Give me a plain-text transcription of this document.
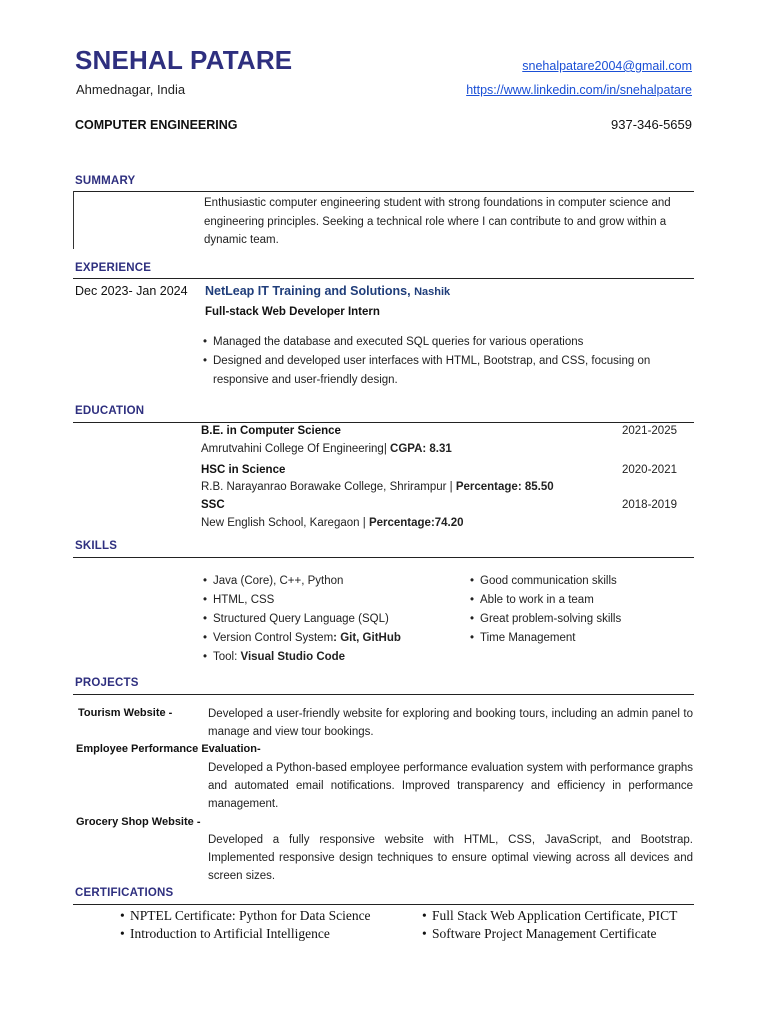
SNEHAL PATARE
Ahmednagar, India
COMPUTER ENGINEERING
snehalpatare2004@gmail.com
https://www.linkedin.com/in/snehalpatare
937-346-5659
SUMMARY
Enthusiastic computer engineering student with strong foundations in computer science and engineering principles. Seeking a technical role where I can contribute to and grow within a dynamic team.
EXPERIENCE
Dec 2023- Jan 2024 NetLeap IT Training and Solutions, Nashik
Full-stack Web Developer Intern
• Managed the database and executed SQL queries for various operations
• Designed and developed user interfaces with HTML, Bootstrap, and CSS, focusing on responsive and user-friendly design.
EDUCATION
B.E. in Computer Science	2021-2025
Amrutvahini College Of Engineering| CGPA: 8.31
HSC in Science	2020-2021
R.B. Narayanrao Borawake College, Shrirampur | Percentage: 85.50
SSC	2018-2019
New English School, Karegaon | Percentage:74.20
SKILLS
• Java (Core), C++, Python
• HTML, CSS
• Structured Query Language (SQL)
• Version Control System: Git, GitHub
• Tool: Visual Studio Code
• Good communication skills
• Able to work in a team
• Great problem-solving skills
• Time Management
PROJECTS
Tourism Website -	Developed a user-friendly website for exploring and booking tours, including an admin panel to manage and view tour bookings.
Employee Performance Evaluation-
Developed a Python-based employee performance evaluation system with performance graphs and automated email notifications. Improved transparency and efficiency in performance management.
Grocery Shop Website -
Developed a fully responsive website with HTML, CSS, JavaScript, and Bootstrap. Implemented responsive design techniques to ensure optimal viewing across all devices and screen sizes.
CERTIFICATIONS
• NPTEL Certificate: Python for Data Science
• Introduction to Artificial Intelligence
• Full Stack Web Application Certificate, PICT
• Software Project Management Certificate
